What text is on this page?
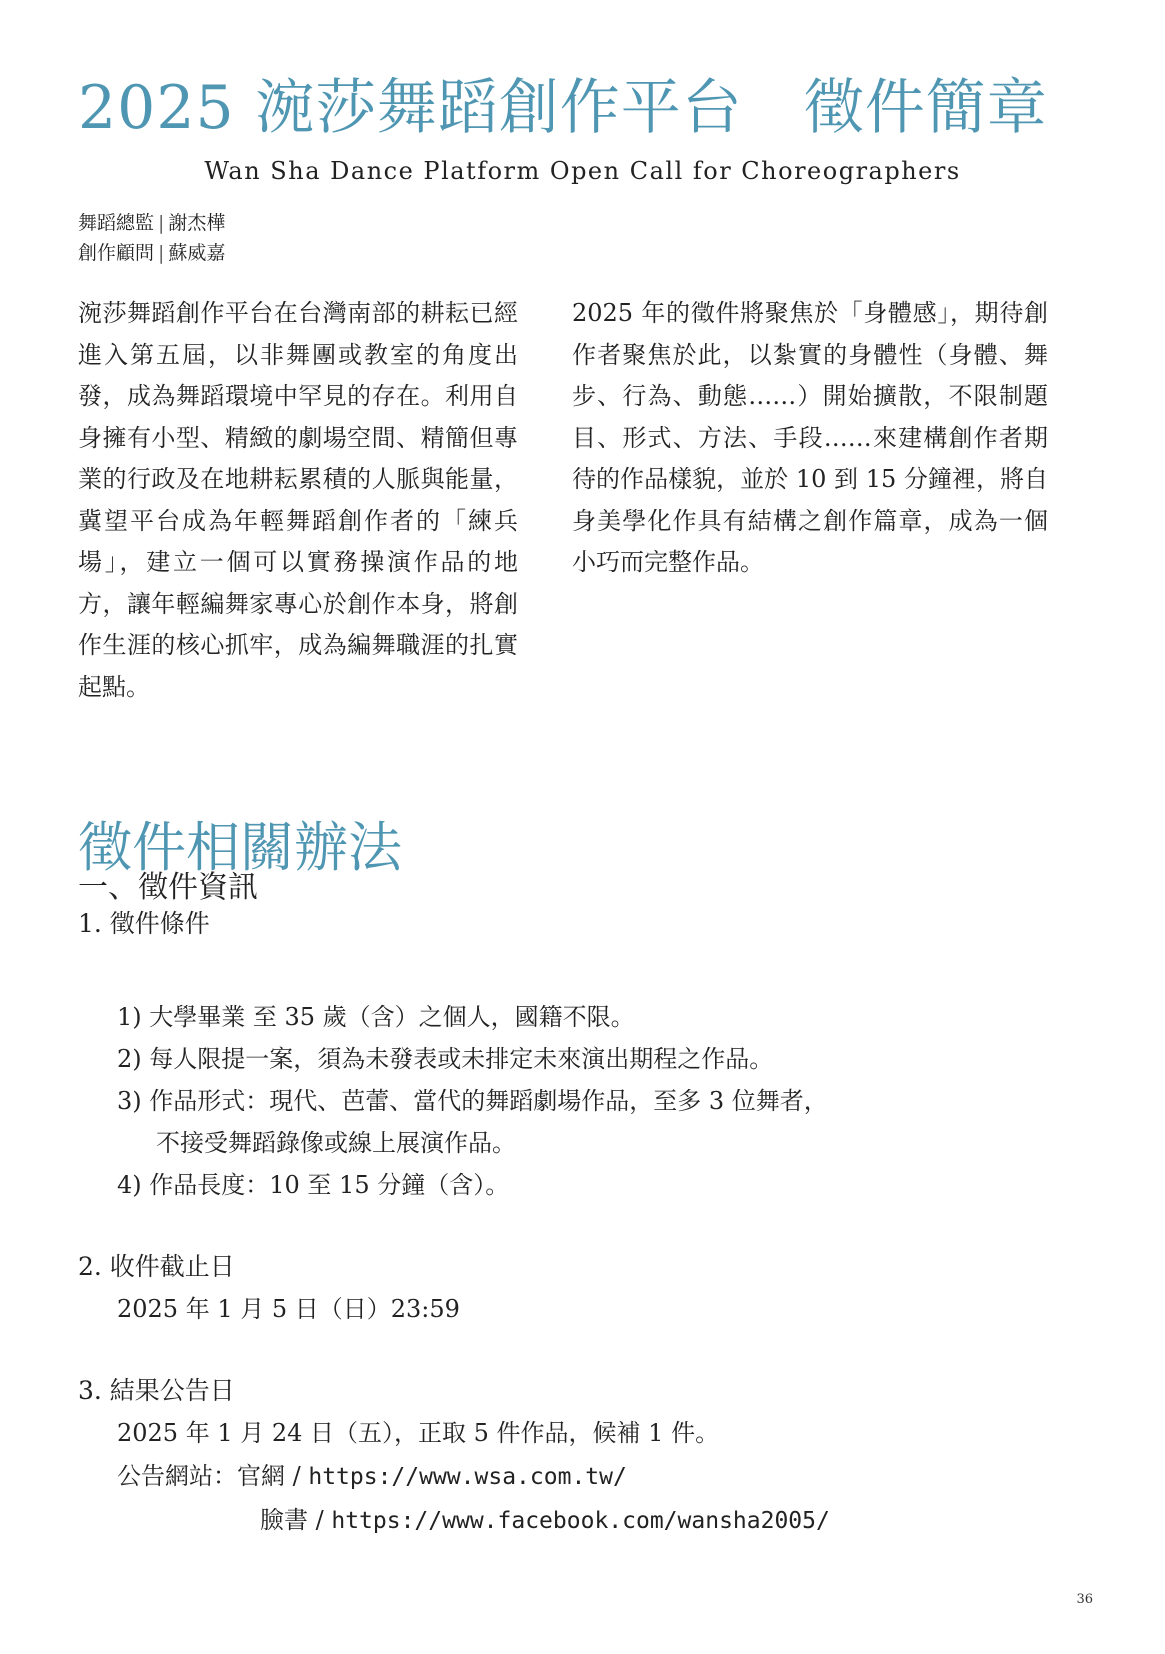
2025 涴莎舞蹈創作平台　徵件簡章
Wan Sha Dance Platform Open Call for Choreographers
舞蹈總監 | 謝杰樺
創作顧問 | 蘇威嘉
涴莎舞蹈創作平台在台灣南部的耕耘已經進入第五屆，以非舞團或教室的角度出發，成為舞蹈環境中罕見的存在。利用自身擁有小型、精緻的劇場空間、精簡但專業的行政及在地耕耘累積的人脈與能量，冀望平台成為年輕舞蹈創作者的「練兵場」，建立一個可以實務操演作品的地方，讓年輕編舞家專心於創作本身，將創作生涯的核心抓牢，成為編舞職涯的扎實起點。
2025 年的徵件將聚焦於「身體感」，期待創作者聚焦於此，以紮實的身體性（身體、舞步、行為、動態……）開始擴散，不限制題目、形式、方法、手段……來建構創作者期待的作品樣貌，並於 10 到 15 分鐘裡，將自身美學化作具有結構之創作篇章，成為一個小巧而完整作品。
徵件相關辦法
一、徵件資訊
1. 徵件條件
1) 大學畢業 至 35 歲（含）之個人，國籍不限。
2) 每人限提一案，須為未發表或未排定未來演出期程之作品。
3) 作品形式：現代、芭蕾、當代的舞蹈劇場作品，至多 3 位舞者，
不接受舞蹈錄像或線上展演作品。
4) 作品長度：10 至 15 分鐘（含）。
2. 收件截止日
2025 年 1 月 5 日（日）23:59
3. 結果公告日
2025 年 1 月 24 日（五），正取 5 件作品，候補 1 件。
公告網站：官網 / https://www.wsa.com.tw/
臉書 / https://www.facebook.com/wansha2005/
36
